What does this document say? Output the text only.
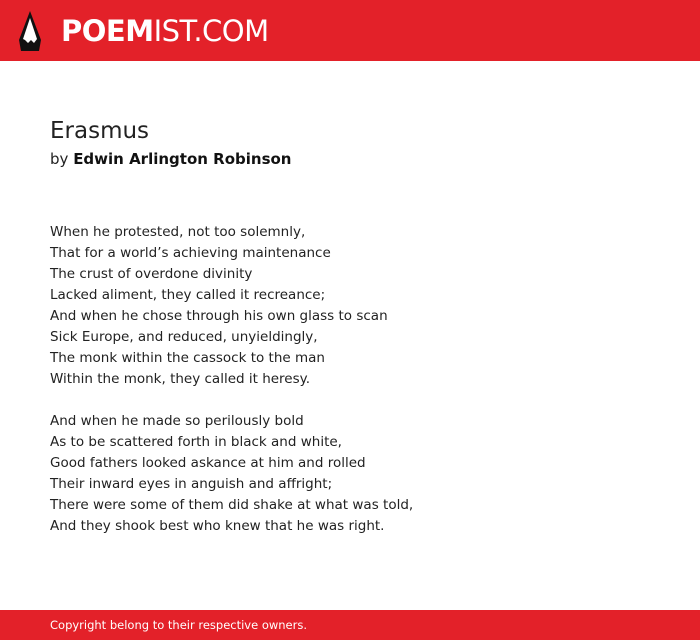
POEMIST.COM
Erasmus
by Edwin Arlington Robinson
When he protested, not too solemnly,
That for a world’s achieving maintenance
The crust of overdone divinity
Lacked aliment, they called it recreance;
And when he chose through his own glass to scan
Sick Europe, and reduced, unyieldingly,
The monk within the cassock to the man
Within the monk, they called it heresy.
And when he made so perilously bold
As to be scattered forth in black and white,
Good fathers looked askance at him and rolled
Their inward eyes in anguish and affright;
There were some of them did shake at what was told,
And they shook best who knew that he was right.
Copyright belong to their respective owners.
